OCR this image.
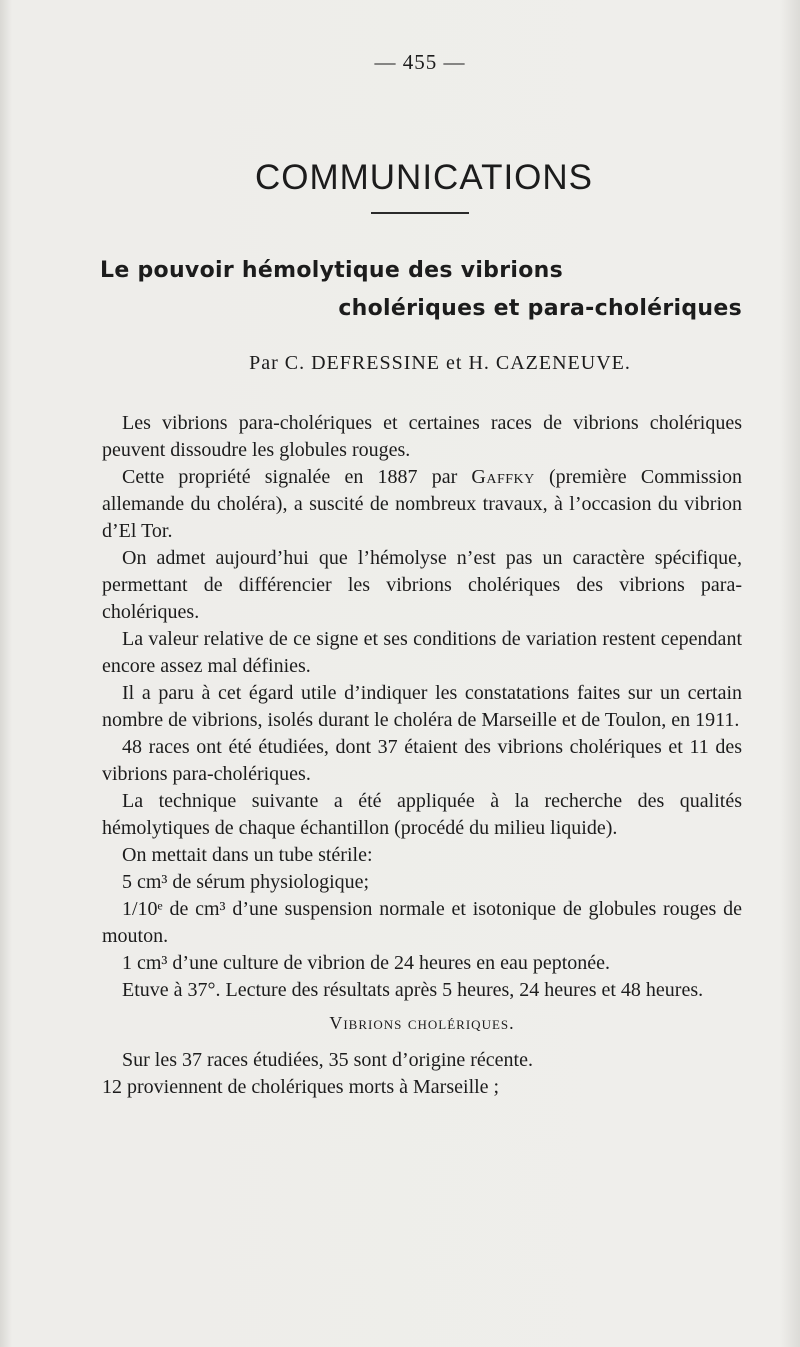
— 455 —
COMMUNICATIONS
Le pouvoir hémolytique des vibrions
cholériques et para-cholériques
Par C. DEFRESSINE et H. CAZENEUVE.

Les vibrions para-cholériques et certaines races de vibrions cholériques peuvent dissoudre les globules rouges.

Cette propriété signalée en 1887 par Gaffky (première Commission allemande du choléra), a suscité de nombreux travaux, à l’occasion du vibrion d’El Tor.

On admet aujourd’hui que l’hémolyse n’est pas un caractère spécifique, permettant de différencier les vibrions cholériques des vibrions para-cholériques.

La valeur relative de ce signe et ses conditions de variation restent cependant encore assez mal définies.

Il a paru à cet égard utile d’indiquer les constatations faites sur un certain nombre de vibrions, isolés durant le choléra de Marseille et de Toulon, en 1911.

48 races ont été étudiées, dont 37 étaient des vibrions cholériques et 11 des vibrions para-cholériques.

La technique suivante a été appliquée à la recherche des qualités hémolytiques de chaque échantillon (procédé du milieu liquide).

On mettait dans un tube stérile:

5 cm³ de sérum physiologique;

1/10ᵉ de cm³ d’une suspension normale et isotonique de globules rouges de mouton.

1 cm³ d’une culture de vibrion de 24 heures en eau peptonée.

Etuve à 37°. Lecture des résultats après 5 heures, 24 heures et 48 heures.

Vibrions cholériques.

Sur les 37 races étudiées, 35 sont d’origine récente.

12 proviennent de cholériques morts à Marseille ;
